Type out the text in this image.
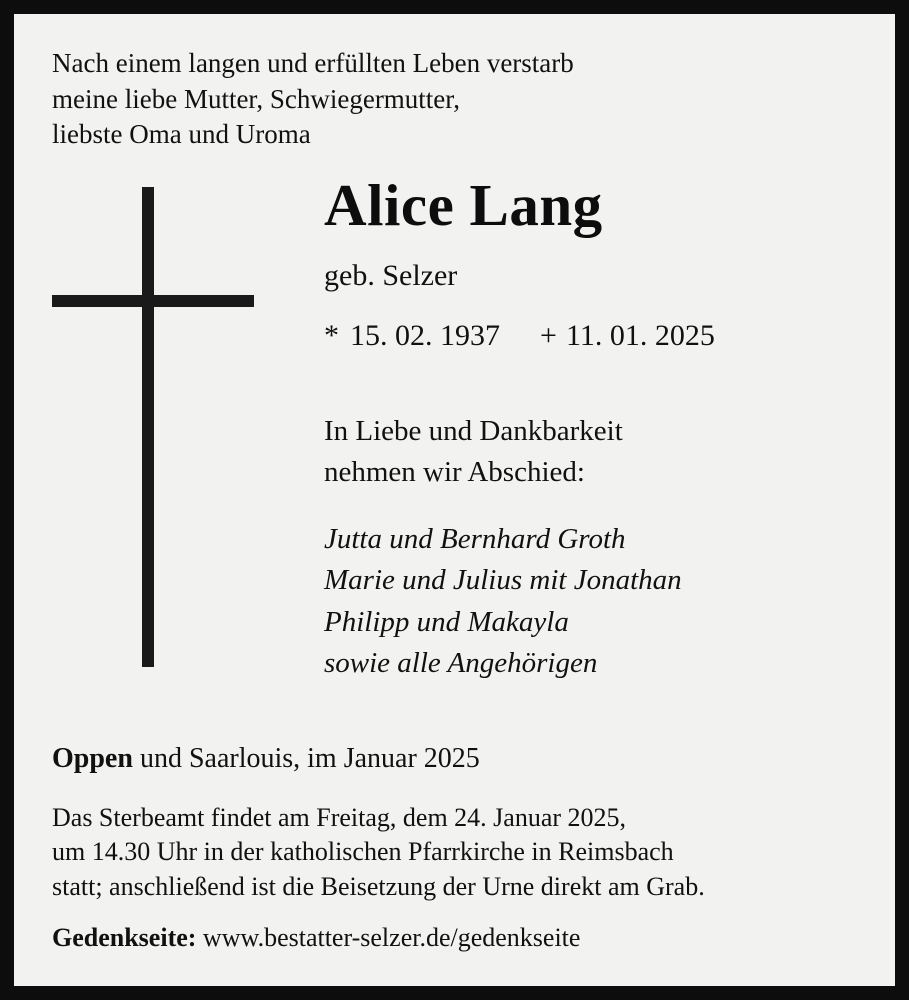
Nach einem langen und erfüllten Leben verstarb
meine liebe Mutter, Schwiegermutter,
liebste Oma und Uroma
Alice Lang
geb. Selzer
* 15. 02. 1937 + 11. 01. 2025
In Liebe und Dankbarkeit
nehmen wir Abschied:
Jutta und Bernhard Groth
Marie und Julius mit Jonathan
Philipp und Makayla
sowie alle Angehörigen
Oppen und Saarlouis, im Januar 2025
Das Sterbeamt findet am Freitag, dem 24. Januar 2025,
um 14.30 Uhr in der katholischen Pfarrkirche in Reimsbach
statt; anschließend ist die Beisetzung der Urne direkt am Grab.
Gedenkseite: www.bestatter-selzer.de/gedenkseite
